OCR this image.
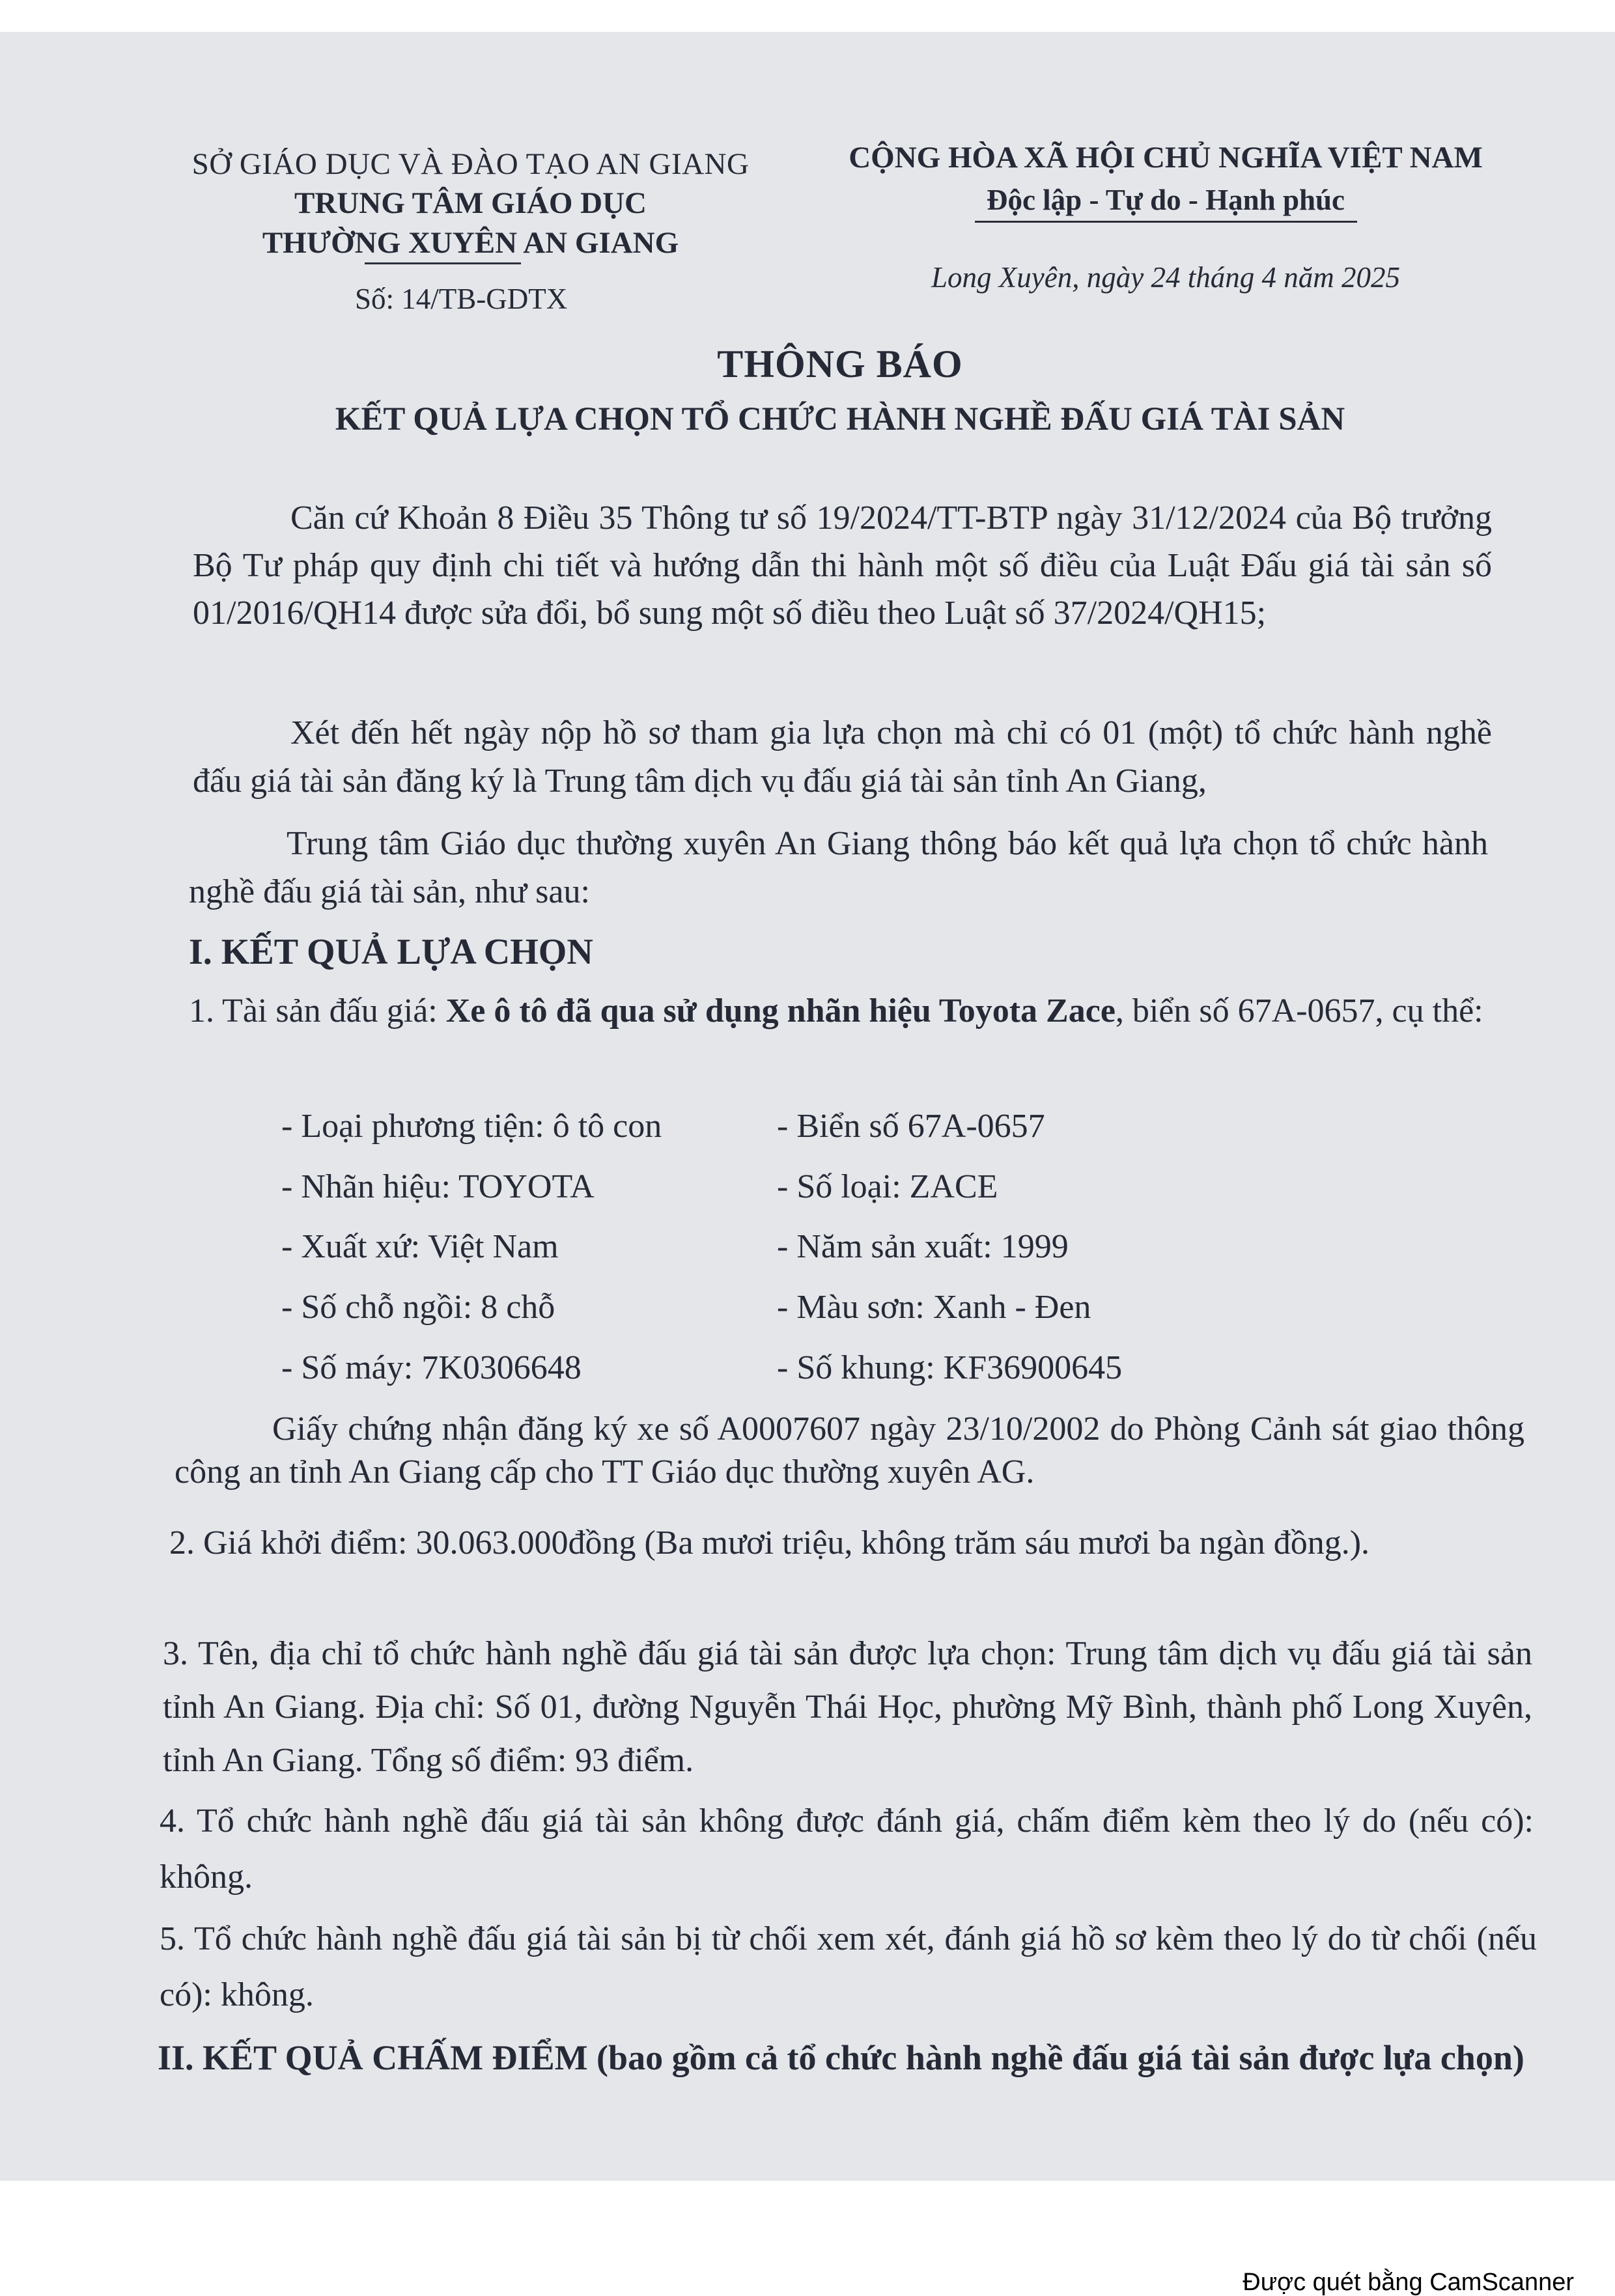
SỞ GIÁO DỤC VÀ ĐÀO TẠO AN GIANG
TRUNG TÂM GIÁO DỤC
THƯỜNG XUYÊN AN GIANG
Số: 14/TB-GDTX
CỘNG HÒA XÃ HỘI CHỦ NGHĨA VIỆT NAM
Độc lập - Tự do - Hạnh phúc
Long Xuyên, ngày 24 tháng 4 năm 2025
THÔNG BÁO
KẾT QUẢ LỰA CHỌN TỔ CHỨC HÀNH NGHỀ ĐẤU GIÁ TÀI SẢN
Căn cứ Khoản 8 Điều 35 Thông tư số 19/2024/TT-BTP ngày 31/12/2024 của Bộ trưởng Bộ Tư pháp quy định chi tiết và hướng dẫn thi hành một số điều của Luật Đấu giá tài sản số 01/2016/QH14 được sửa đổi, bổ sung một số điều theo Luật số 37/2024/QH15;
Xét đến hết ngày nộp hồ sơ tham gia lựa chọn mà chỉ có 01 (một) tổ chức hành nghề đấu giá tài sản đăng ký là Trung tâm dịch vụ đấu giá tài sản tỉnh An Giang,
Trung tâm Giáo dục thường xuyên An Giang thông báo kết quả lựa chọn tổ chức hành nghề đấu giá tài sản, như sau:
I. KẾT QUẢ LỰA CHỌN
1. Tài sản đấu giá: Xe ô tô đã qua sử dụng nhãn hiệu Toyota Zace, biển số 67A-0657, cụ thể:
- Loại phương tiện: ô tô con
- Nhãn hiệu: TOYOTA
- Xuất xứ: Việt Nam
- Số chỗ ngồi: 8 chỗ
- Số máy: 7K0306648
- Biển số 67A-0657
- Số loại: ZACE
- Năm sản xuất: 1999
- Màu sơn: Xanh - Đen
- Số khung: KF36900645
Giấy chứng nhận đăng ký xe số A0007607 ngày 23/10/2002 do Phòng Cảnh sát giao thông công an tỉnh An Giang cấp cho TT Giáo dục thường xuyên AG.
2. Giá khởi điểm: 30.063.000đồng (Ba mươi triệu, không trăm sáu mươi ba ngàn đồng.).
3. Tên, địa chỉ tổ chức hành nghề đấu giá tài sản được lựa chọn: Trung tâm dịch vụ đấu giá tài sản tỉnh An Giang. Địa chỉ: Số 01, đường Nguyễn Thái Học, phường Mỹ Bình, thành phố Long Xuyên, tỉnh An Giang. Tổng số điểm: 93 điểm.
4. Tổ chức hành nghề đấu giá tài sản không được đánh giá, chấm điểm kèm theo lý do (nếu có): không.
5. Tổ chức hành nghề đấu giá tài sản bị từ chối xem xét, đánh giá hồ sơ kèm theo lý do từ chối (nếu có): không.
II. KẾT QUẢ CHẤM ĐIỂM (bao gồm cả tổ chức hành nghề đấu giá tài sản được lựa chọn)
Được quét bằng CamScanner
